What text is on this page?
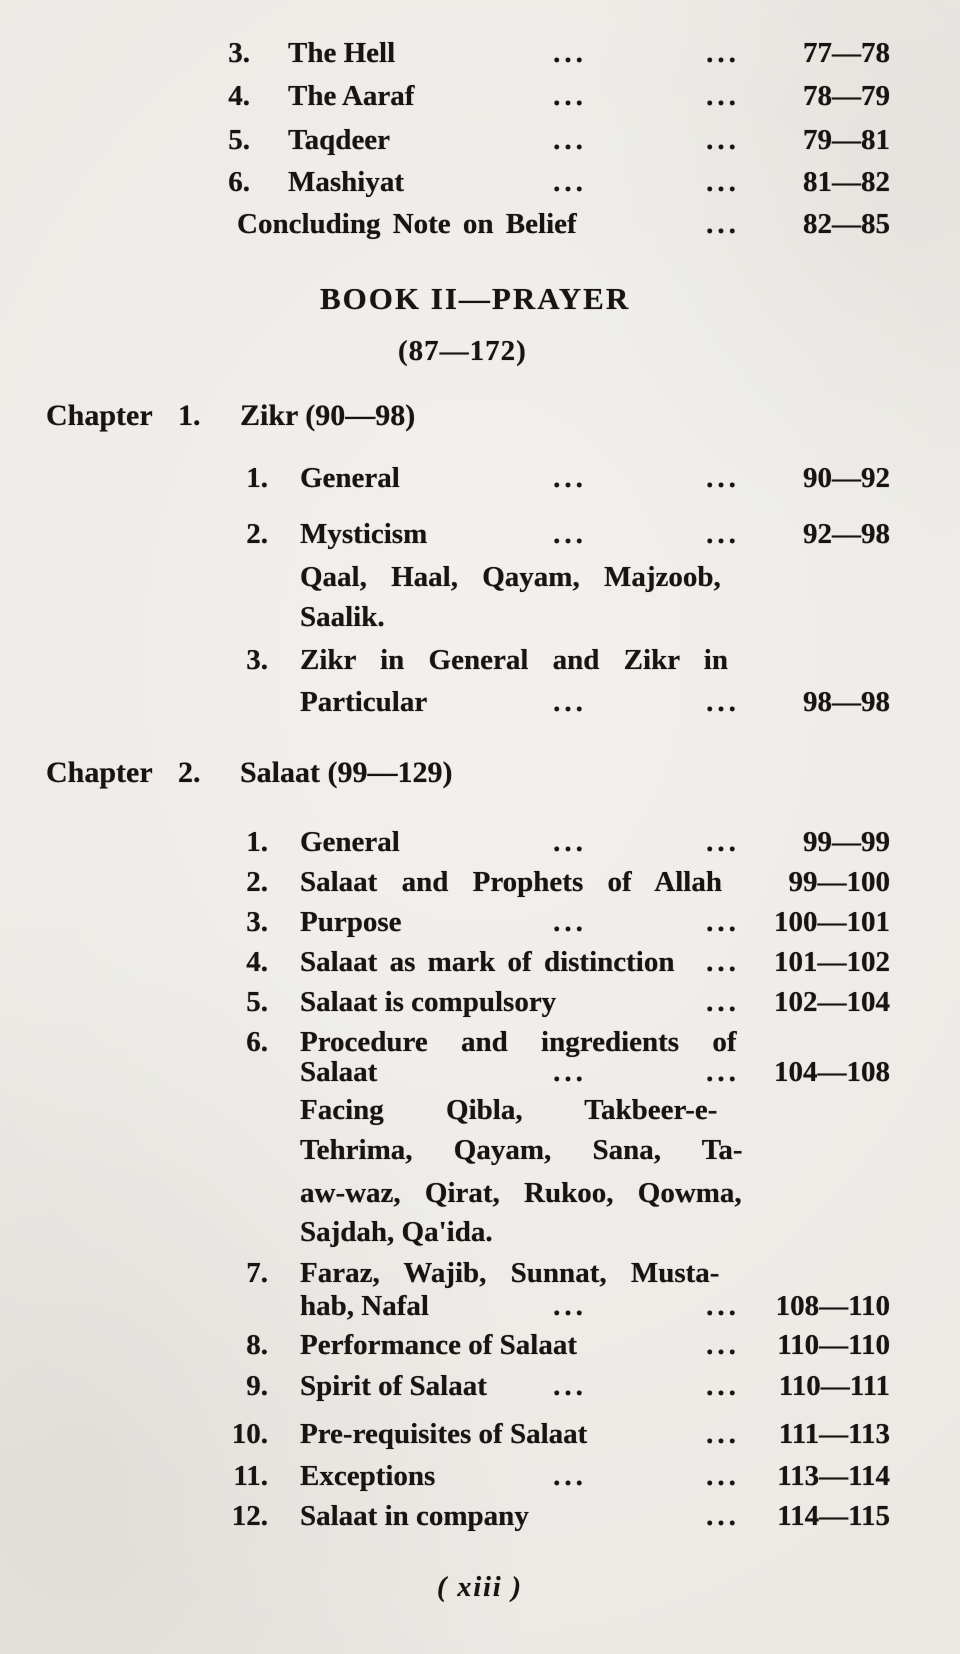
3. The Hell	...	... 77—78
4. The Aaraf	...	... 78—79
5. Taqdeer	...	... 79—81
6. Mashiyat	...	... 81—82
Concluding Note on Belief	... 82—85
BOOK II—PRAYER
(87—172)
Chapter 1. Zikr (90—98)
1. General	...	... 90—92
2. Mysticism	...	... 92—98
Qaal, Haal, Qayam, Majzoob,
Saalik.
3. Zikr in General and Zikr in
Particular	...	... 98—98
Chapter 2. Salaat (99—129)
1. General	...	... 99—99
2. Salaat and Prophets of Allah 99—100
3. Purpose	...	... 100—101
4. Salaat as mark of distinction ... 101—102
5. Salaat is compulsory	... 102—104
6. Procedure and ingredients of
Salaat	...	... 104—108
Facing Qibla, Takbeer-e-
Tehrima, Qayam, Sana, Ta-
aw-waz, Qirat, Rukoo, Qowma,
Sajdah, Qa'ida.
7. Faraz, Wajib, Sunnat, Musta-
hab, Nafal	...	... 108—110
8. Performance of Salaat	... 110—110
9. Spirit of Salaat ...	... 110—111
10. Pre-requisites of Salaat	... 111—113
11. Exceptions	...	... 113—114
12. Salaat in company	... 114—115
( xiii )
